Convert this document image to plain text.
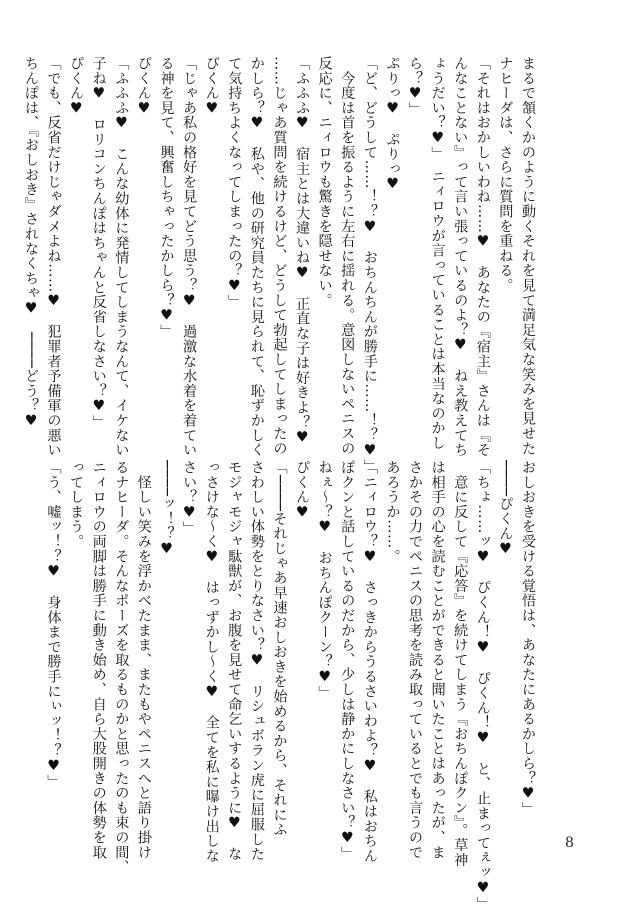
まるで頷くかのように動くそれを見て満足気な笑みを見せた
ナヒーダは、さらに質問を重ねる。
「それはおかしいわね……♥　あなたの『宿主』さんは『そ
んなことない』って言い張っているのよ？♥　ねえ教えてち
ょうだい？♥」　ニィロウが言っていることは本当なのかし
ら？♥」
ぷりっ♥　ぷりっ♥
「ど、どうして……！？♥　おちんちんが勝手に……！？♥」
　今度は首を振るように左右に揺れる。意図しないペニスの
反応に、ニィロウも驚きを隠せない。
「ふふふ♥　宿主とは大違いね♥　正直な子は好きよ？♥
……じゃあ質問を続けるけど、どうして勃起してしまったの
かしら？♥　私や、他の研究員たちに見られて、恥ずかしく
て気持ちよくなってしまったの？♥」
ぴくん♥
「じゃあ私の格好を見てどう思う？♥　過激な水着を着てい
る神を見て、興奮しちゃったかしら？♥」
ぴくん♥
「ふふふ♥　こんな幼体に発情してしまうなんて、イケない
子ね♥　ロリコンちんぽはちゃんと反省しなさい？♥」
ぴくん♥
「でも、反省だけじゃダメよね……♥　犯罪者予備軍の悪い
ちんぽは、『おしおき』されなくちゃ♥　────どう？♥
おしおきを受ける覚悟は、あなたにあるかしら？♥」
────ぴくん♥
「ちょ……ッ♥　ぴくん！♥　ぴくん！♥　と、止まってぇッ♥」
　意に反して『応答』を続けてしまう『おちんぽクン』。草神
は相手の心を読むことができると聞いたことはあったが、ま
さかその力でペニスの思考を読み取っているとでも言うので
あろうか……。
「ニィロウ？♥　さっきからうるさいわよ？♥　私はおちん
ぽクンと話しているのだから、少しは静かにしなさい？♥」
ねぇ～？♥　おちんぽクーン？♥」
ぴくん♥
「────それじゃあ早速おしおきを始めるから、それにふ
さわしい体勢をとりなさい？♥　リシュボラン虎に屈服した
モジャモジャ駄獣が、お腹を見せて命乞いするように♥　な
っさけな～く♥　はっずかし～く♥　全てを私に曝け出しな
さい？♥」
────ッ！？♥
　怪しい笑みを浮かべたまま、またもやペニスへと語り掛け
るナヒーダ。そんなポーズを取るものかと思ったのも束の間、
ニィロウの両脚は勝手に動き始め、自ら大股開きの体勢を取
ってしまう。
「う、嘘ッ！？♥　身体まで勝手にぃッ！？♥」
8
